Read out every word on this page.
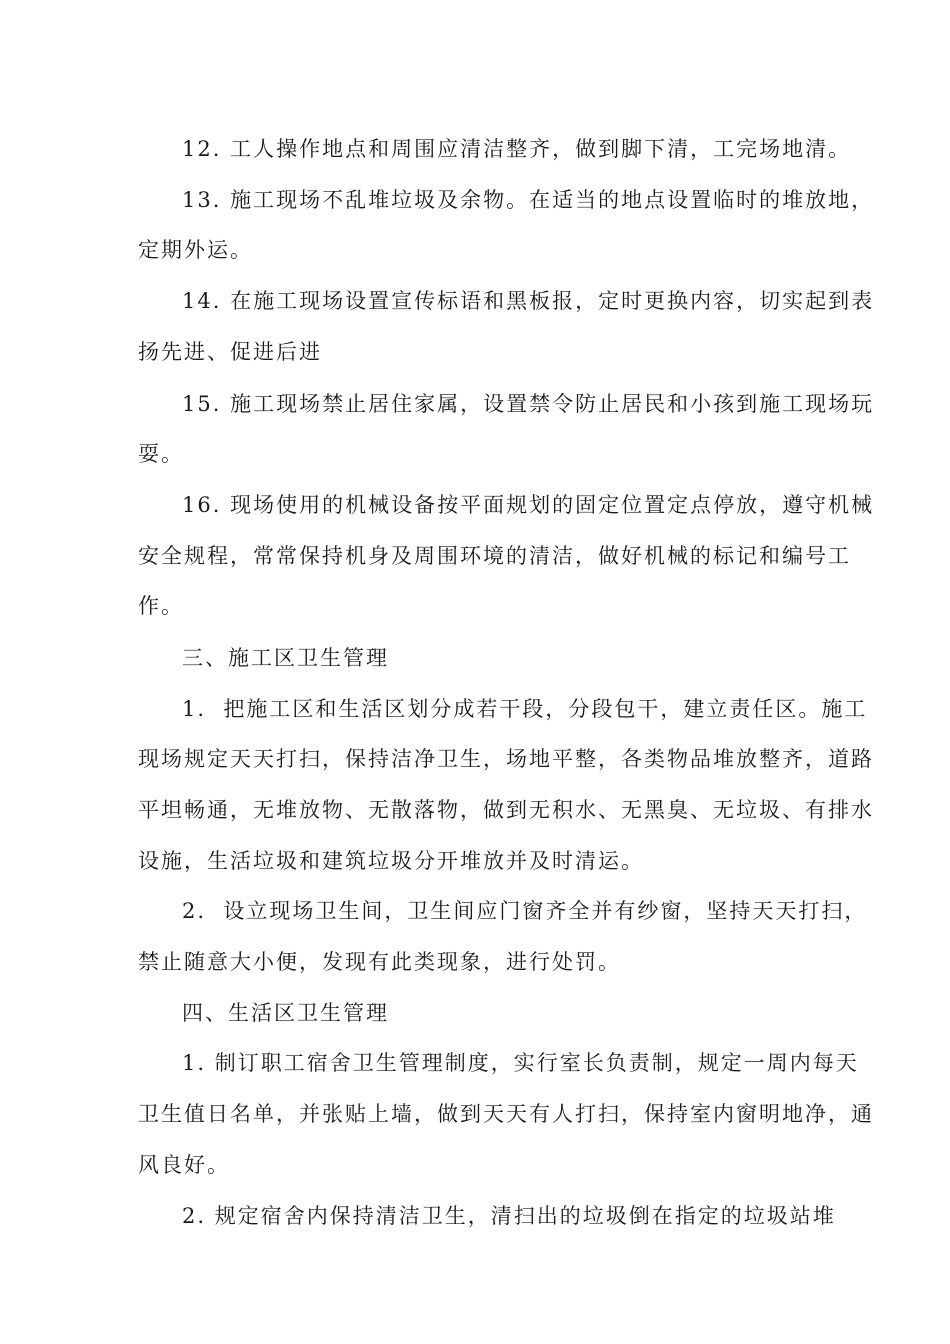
12. 工人操作地点和周围应清洁整齐，做到脚下清，工完场地清。
13. 施工现场不乱堆垃圾及余物。在适当的地点设置临时的堆放地，
定期外运。
14. 在施工现场设置宣传标语和黑板报，定时更换内容，切实起到表
扬先进、促进后进
15. 施工现场禁止居住家属，设置禁令防止居民和小孩到施工现场玩
耍。
16. 现场使用的机械设备按平面规划的固定位置定点停放，遵守机械
安全规程，常常保持机身及周围环境的清洁，做好机械的标记和编号工
作。
三、施工区卫生管理
1.  把施工区和生活区划分成若干段，分段包干，建立责任区。施工
现场规定天天打扫，保持洁净卫生，场地平整，各类物品堆放整齐，道路
平坦畅通，无堆放物、无散落物，做到无积水、无黑臭、无垃圾、有排水
设施，生活垃圾和建筑垃圾分开堆放并及时清运。
2.  设立现场卫生间，卫生间应门窗齐全并有纱窗，坚持天天打扫，
禁止随意大小便，发现有此类现象，进行处罚。
四、生活区卫生管理
1. 制订职工宿舍卫生管理制度，实行室长负责制，规定一周内每天
卫生值日名单，并张贴上墙，做到天天有人打扫，保持室内窗明地净，通
风良好。
2. 规定宿舍内保持清洁卫生，清扫出的垃圾倒在指定的垃圾站堆
